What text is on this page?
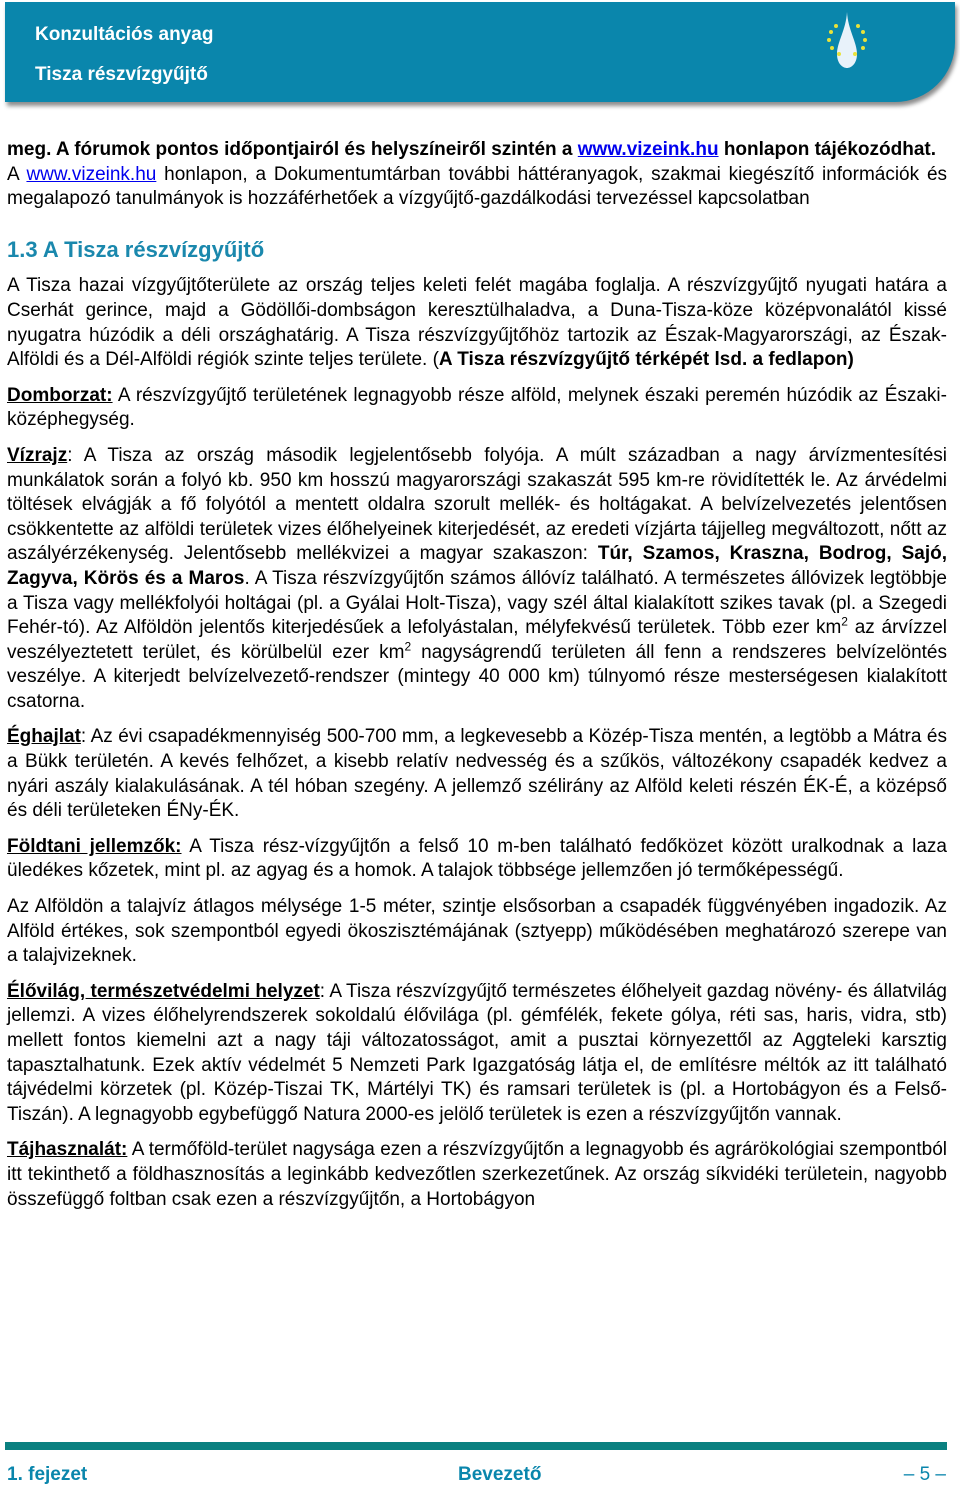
Konzultációs anyag
Tisza részvízgyűjtő

meg. A fórumok pontos időpontjairól és helyszíneiről szintén a www.vizeink.hu honlapon tájékozódhat.

A www.vizeink.hu honlapon, a Dokumentumtárban további háttéranyagok, szakmai kiegészítő információk és megalapozó tanulmányok is hozzáférhetőek a vízgyűjtő-gazdálkodási tervezéssel kapcsolatban

1.3 A Tisza részvízgyűjtő

A Tisza hazai vízgyűjtőterülete az ország teljes keleti felét magába foglalja. A részvízgyűjtő nyugati határa a Cserhát gerince, majd a Gödöllői-dombságon keresztülhaladva, a Duna-Tisza-köze középvonalától kissé nyugatra húzódik a déli országhatárig. A Tisza részvízgyűjtőhöz tartozik az Észak-Magyarországi, az Észak-Alföldi és a Dél-Alföldi régiók szinte teljes területe. (A Tisza részvízgyűjtő térképét lsd. a fedlapon)

Domborzat: A részvízgyűjtő területének legnagyobb része alföld, melynek északi peremén húzódik az Északi-középhegység.

Vízrajz: A Tisza az ország második legjelentősebb folyója. A múlt században a nagy árvízmentesítési munkálatok során a folyó kb. 950 km hosszú magyarországi szakaszát 595 km-re rövidítették le. Az árvédelmi töltések elvágják a fő folyótól a mentett oldalra szorult mellék- és holtágakat. A belvízelvezetés jelentősen csökkentette az alföldi területek vizes élőhelyeinek kiterjedését, az eredeti vízjárta tájjelleg megváltozott, nőtt az aszályérzékenység. Jelentősebb mellékvizei a magyar szakaszon: Túr, Szamos, Kraszna, Bodrog, Sajó, Zagyva, Körös és a Maros. A Tisza részvízgyűjtőn számos állóvíz található. A természetes állóvizek legtöbbje a Tisza vagy mellékfolyói holtágai (pl. a Gyálai Holt-Tisza), vagy szél által kialakított szikes tavak (pl. a Szegedi Fehér-tó). Az Alföldön jelentős kiterjedésűek a lefolyástalan, mélyfekvésű területek. Több ezer $km^2$ az árvízzel veszélyeztetett terület, és körülbelül ezer $km^2$ nagyságrendű területen áll fenn a rendszeres belvízelöntés veszélye. A kiterjedt belvízelvezető-rendszer (mintegy 40 000 km) túlnyomó része mesterségesen kialakított csatorna.

Éghajlat: Az évi csapadékmennyiség 500-700 mm, a legkevesebb a Közép-Tisza mentén, a legtöbb a Mátra és a Bükk területén. A kevés felhőzet, a kisebb relatív nedvesség és a szűkös, változékony csapadék kedvez a nyári aszály kialakulásának. A tél hóban szegény. A jellemző szélirány az Alföld keleti részén ÉK-É, a középső és déli területeken ÉNy-ÉK.

Földtani jellemzők: A Tisza rész-vízgyűjtőn a felső 10 m-ben található fedőközet között uralkodnak a laza üledékes kőzetek, mint pl. az agyag és a homok. A talajok többsége jellemzően jó termőképességű.

Az Alföldön a talajvíz átlagos mélysége 1-5 méter, szintje elsősorban a csapadék függvényében ingadozik. Az Alföld értékes, sok szempontból egyedi ökoszisztémájának (sztyepp) működésében meghatározó szerepe van a talajvizeknek.

Élővilág, természetvédelmi helyzet: A Tisza részvízgyűjtő természetes élőhelyeit gazdag növény- és állatvilág jellemzi. A vizes élőhelyrendszerek sokoldalú élővilága (pl. gémfélék, fekete gólya, réti sas, haris, vidra, stb) mellett fontos kiemelni azt a nagy táji változatosságot, amit a pusztai környezettől az Aggteleki karsztig tapasztalhatunk. Ezek aktív védelmét 5 Nemzeti Park Igazgatóság látja el, de említésre méltók az itt található tájvédelmi körzetek (pl. Közép-Tiszai TK, Mártélyi TK) és ramsari területek is (pl. a Hortobágyon és a Felső-Tiszán). A legnagyobb egybefüggő Natura 2000-es jelölő területek is ezen a részvízgyűjtőn vannak.

Tájhasznalát: A termőföld-terület nagysága ezen a részvízgyűjtőn a legnagyobb és agrárökológiai szempontból itt tekinthető a földhasznosítás a leginkább kedvezőtlen szerkezetűnek. Az ország síkvidéki területein, nagyobb összefüggő foltban csak ezen a részvízgyűjtőn, a Hortobágyon

1. fejezet	Bevezető	– 5 –
